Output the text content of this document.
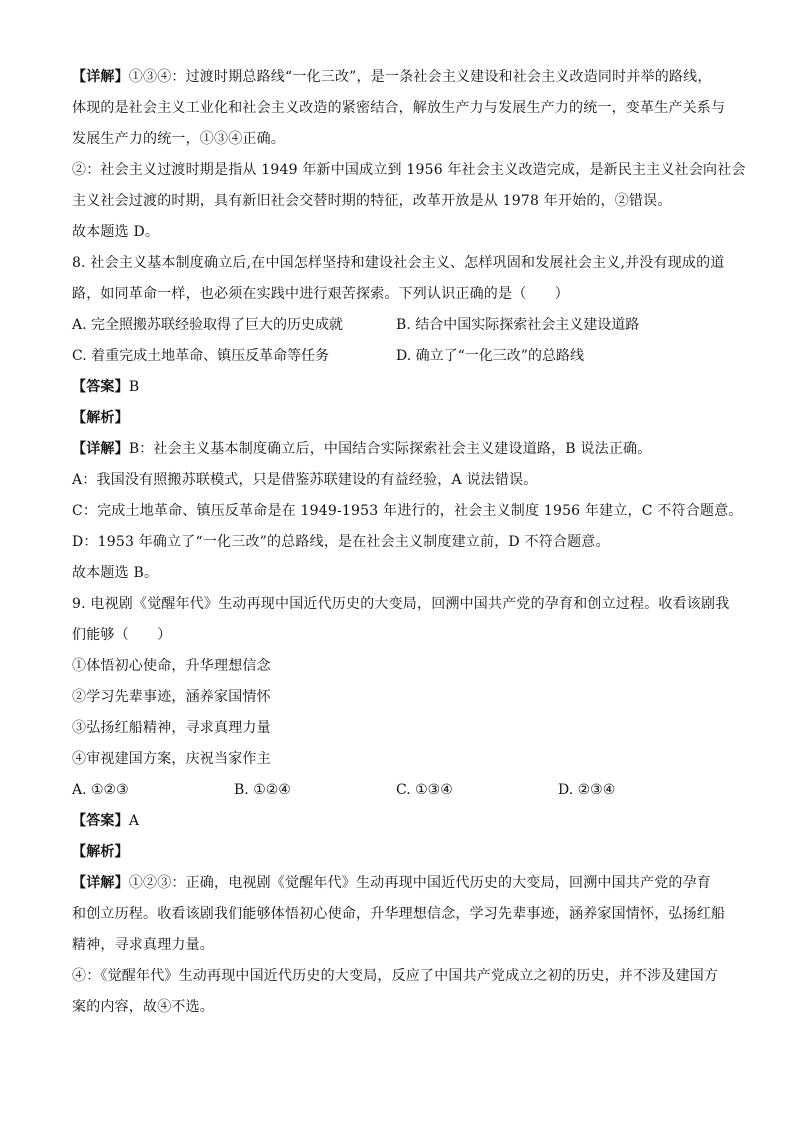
【详解】①③④：过渡时期总路线“一化三改”，是一条社会主义建设和社会主义改造同时并举的路线，
体现的是社会主义工业化和社会主义改造的紧密结合，解放生产力与发展生产力的统一，变革生产关系与
发展生产力的统一，①③④正确。
②：社会主义过渡时期是指从 1949 年新中国成立到 1956 年社会主义改造完成，是新民主主义社会向社会
主义社会过渡的时期，具有新旧社会交替时期的特征，改革开放是从 1978 年开始的，②错误。
故本题选 D。
8. 社会主义基本制度确立后,在中国怎样坚持和建设社会主义、怎样巩固和发展社会主义,并没有现成的道
路，如同革命一样，也必须在实践中进行艰苦探索。下列认识正确的是（　　）
A. 完全照搬苏联经验取得了巨大的历史成就	B. 结合中国实际探索社会主义建设道路
C. 着重完成土地革命、镇压反革命等任务	D. 确立了“一化三改”的总路线
【答案】B
【解析】
【详解】B：社会主义基本制度确立后，中国结合实际探索社会主义建设道路，B 说法正确。
A：我国没有照搬苏联模式，只是借鉴苏联建设的有益经验，A 说法错误。
C：完成土地革命、镇压反革命是在 1949-1953 年进行的，社会主义制度 1956 年建立，C 不符合题意。
D：1953 年确立了“一化三改”的总路线，是在社会主义制度建立前，D 不符合题意。
故本题选 B。
9. 电视剧《觉醒年代》生动再现中国近代历史的大变局，回溯中国共产党的孕育和创立过程。收看该剧我
们能够（　　）
①体悟初心使命，升华理想信念
②学习先辈事迹，涵养家国情怀
③弘扬红船精神，寻求真理力量
④审视建国方案，庆祝当家作主
A. ①②③	B. ①②④	C. ①③④	D. ②③④
【答案】A
【解析】
【详解】①②③：正确，电视剧《觉醒年代》生动再现中国近代历史的大变局，回溯中国共产党的孕育
和创立历程。收看该剧我们能够体悟初心使命，升华理想信念，学习先辈事迹，涵养家国情怀，弘扬红船
精神，寻求真理力量。
④：《觉醒年代》生动再现中国近代历史的大变局，反应了中国共产党成立之初的历史，并不涉及建国方
案的内容，故④不选。
